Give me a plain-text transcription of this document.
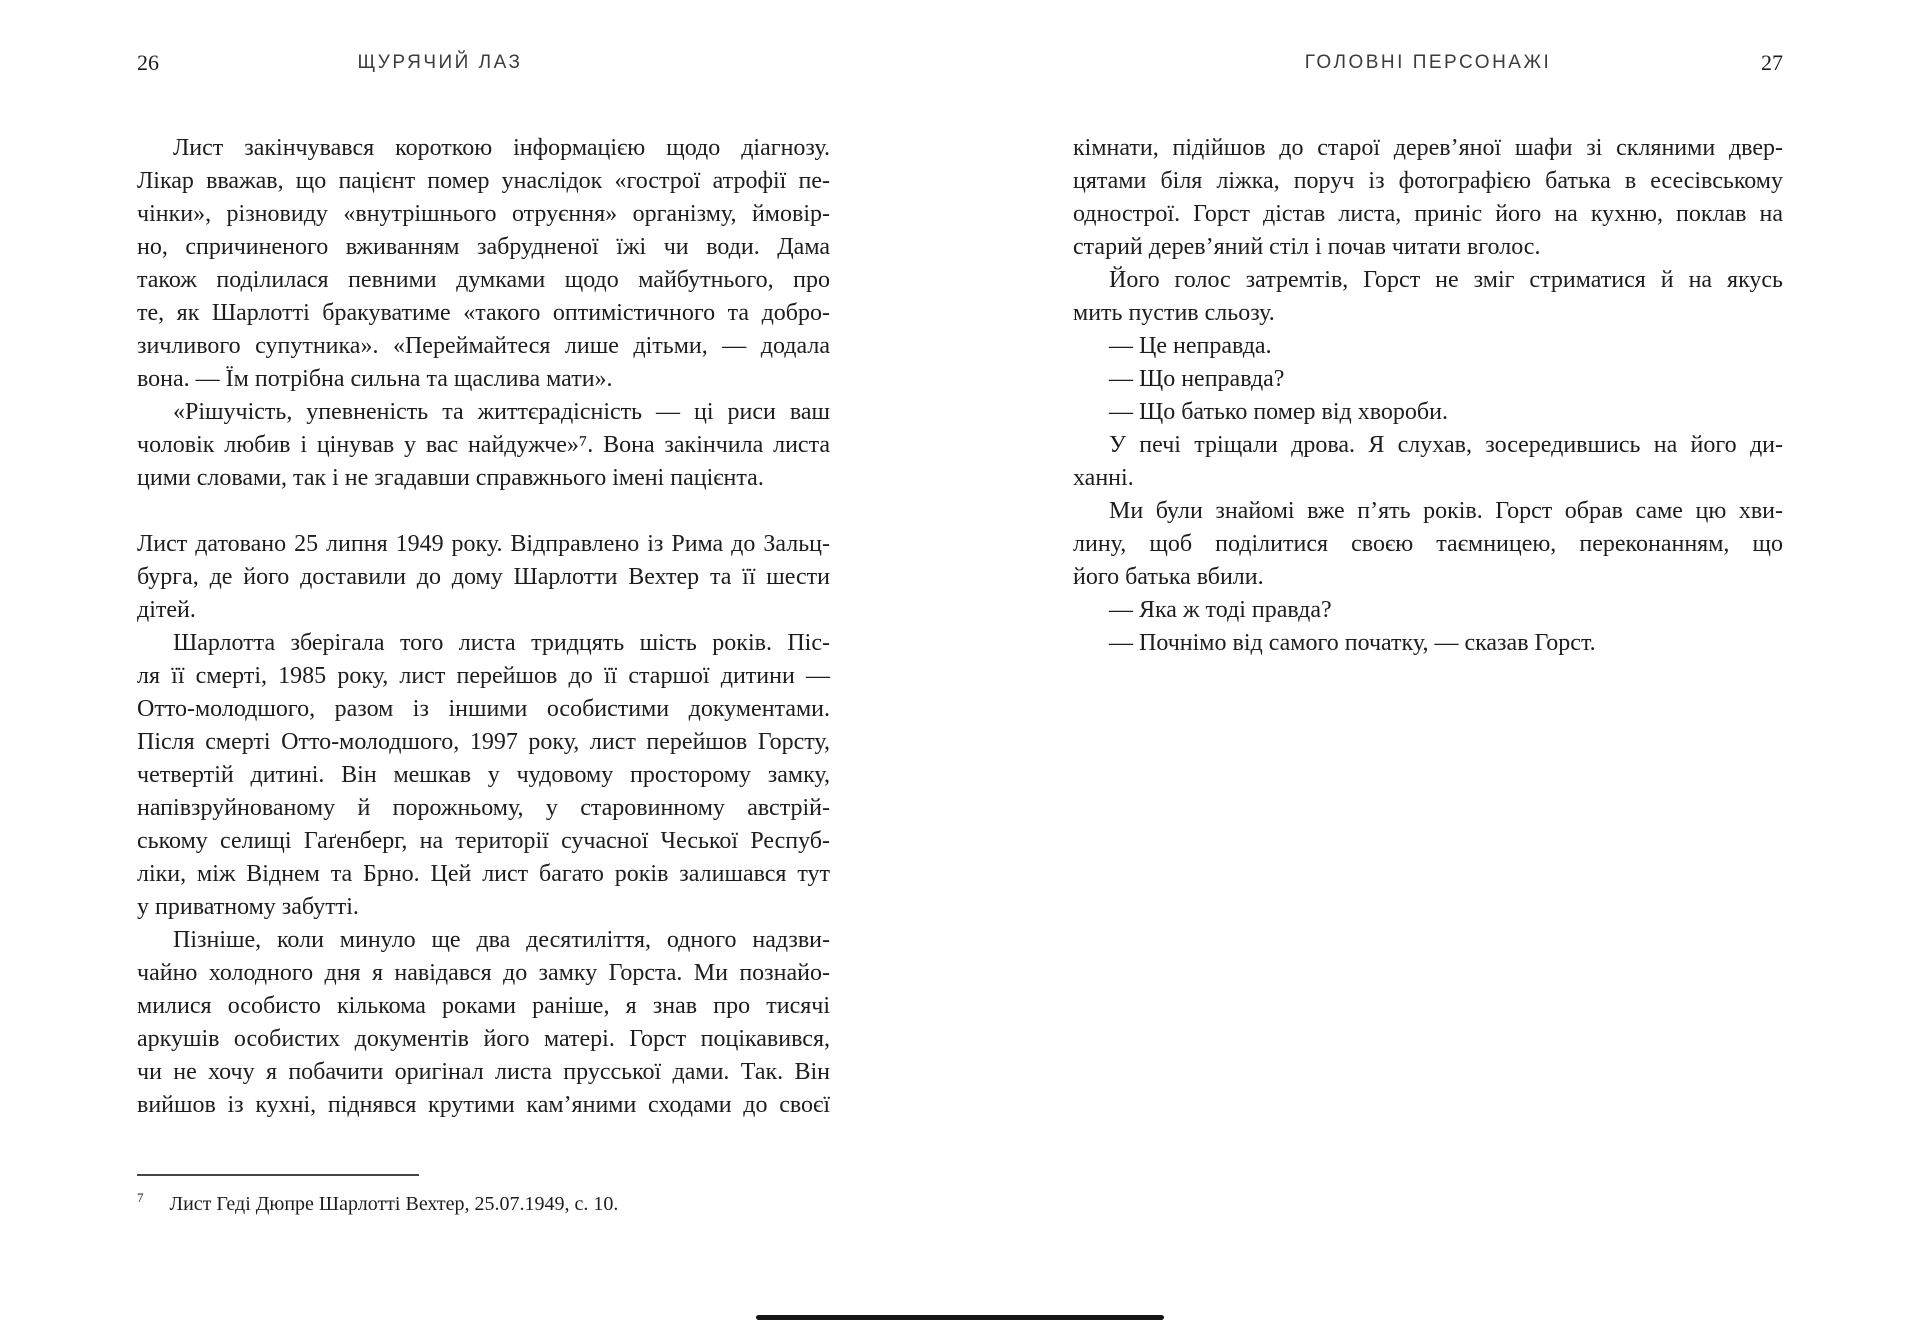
26	ЩУРЯЧИЙ ЛАЗ
Лист закінчувався короткою інформацією щодо діагнозу.
Лікар вважав, що пацієнт помер унаслідок «гострої атрофії пе-
чінки», різновиду «внутрішнього отруєння» організму, ймовір-
но, спричиненого вживанням забрудненої їжі чи води. Дама
також поділилася певними думками щодо майбутнього, про
те, як Шарлотті бракуватиме «такого оптимістичного та добро-
зичливого супутника». «Переймайтеся лише дітьми, — додала
вона. — Їм потрібна сильна та щаслива мати».
«Рішучість, упевненість та життєрадісність — ці риси ваш
чоловік любив і цінував у вас найдужче»⁷. Вона закінчила листа
цими словами, так і не згадавши справжнього імені пацієнта.
Лист датовано 25 липня 1949 року. Відправлено із Рима до Зальц-
бурга, де його доставили до дому Шарлотти Вехтер та її шести
дітей.
Шарлотта зберігала того листа тридцять шість років. Піс-
ля її смерті, 1985 року, лист перейшов до її старшої дитини —
Отто-молодшого, разом із іншими особистими документами.
Після смерті Отто-молодшого, 1997 року, лист перейшов Горсту,
четвертій дитині. Він мешкав у чудовому просторому замку,
напівзруйнованому й порожньому, у старовинному австрій-
ському селищі Гаґенберг, на території сучасної Чеської Респуб-
ліки, між Віднем та Брно. Цей лист багато років залишався тут
у приватному забутті.
Пізніше, коли минуло ще два десятиліття, одного надзви-
чайно холодного дня я навідався до замку Горста. Ми познайо-
милися особисто кількома роками раніше, я знав про тисячі
аркушів особистих документів його матері. Горст поцікавився,
чи не хочу я побачити оригінал листа прусської дами. Так. Він
вийшов із кухні, піднявся крутими кам’яними сходами до своєї
$^7$ Лист Геді Дюпре Шарлотті Вехтер, 25.07.1949, с. 10.
ГОЛОВНІ ПЕРСОНАЖІ	27
кімнати, підійшов до старої дерев’яної шафи зі скляними двер-
цятами біля ліжка, поруч із фотографією батька в есесівському
однострої. Горст дістав листа, приніс його на кухню, поклав на
старий дерев’яний стіл і почав читати вголос.
Його голос затремтів, Горст не зміг стриматися й на якусь
мить пустив сльозу.
— Це неправда.
— Що неправда?
— Що батько помер від хвороби.
У печі тріщали дрова. Я слухав, зосередившись на його ди-
ханні.
Ми були знайомі вже п’ять років. Горст обрав саме цю хви-
лину, щоб поділитися своєю таємницею, переконанням, що
його батька вбили.
— Яка ж тоді правда?
— Почнімо від самого початку, — сказав Горст.
